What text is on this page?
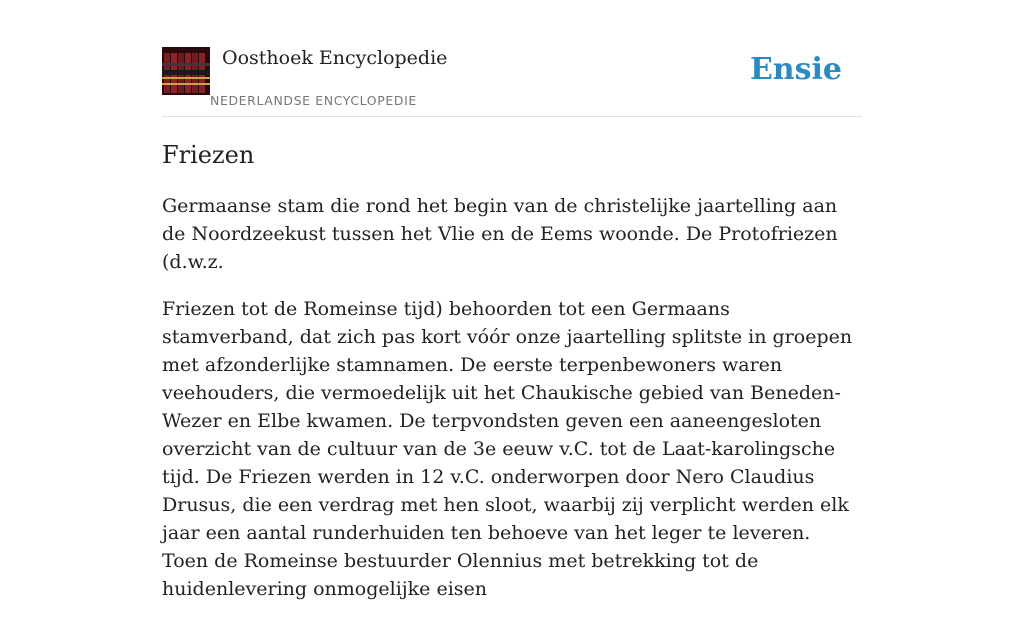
Oosthoek Encyclopedie
NEDERLANDSE ENCYCLOPEDIE
Ensie
Friezen

Germaanse stam die rond het begin van de christelijke jaartelling aan de Noordzeekust tussen het Vlie en de Eems woonde. De Protofriezen (d.w.z.

Friezen tot de Romeinse tijd) behoorden tot een Germaans stamverband, dat zich pas kort vóór onze jaartelling splitste in groepen met afzonderlijke stamnamen. De eerste terpenbewoners waren veehouders, die vermoedelijk uit het Chaukische gebied van Beneden-Wezer en Elbe kwamen. De terpvondsten geven een aaneengesloten overzicht van de cultuur van de 3e eeuw v.C. tot de Laat-karolingsche tijd. De Friezen werden in 12 v.C. onderworpen door Nero Claudius Drusus, die een verdrag met hen sloot, waarbij zij verplicht werden elk jaar een aantal runderhuiden ten behoeve van het leger te leveren. Toen de Romeinse bestuurder Olennius met betrekking tot de huidenlevering onmogelijke eisen
